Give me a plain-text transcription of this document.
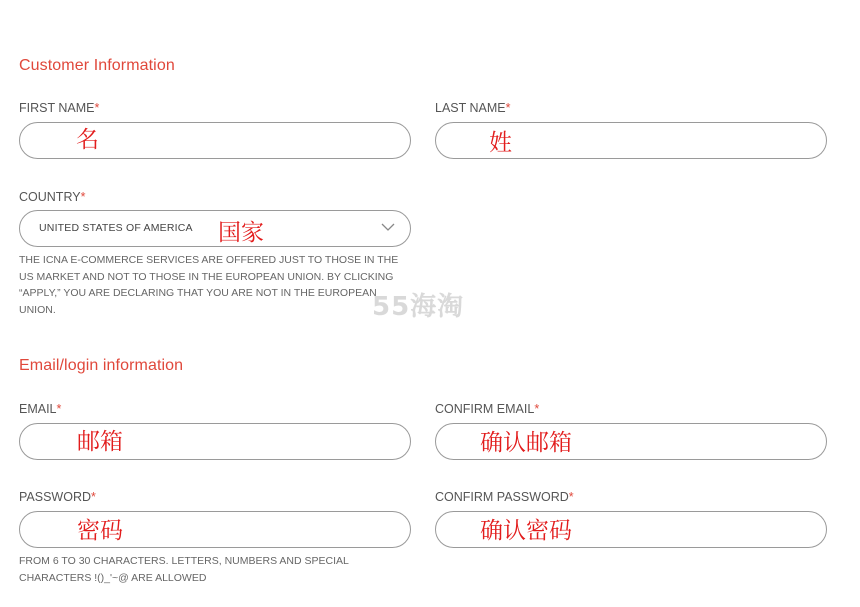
Customer Information
FIRST NAME*
名
LAST NAME*
姓
COUNTRY*
UNITED STATES OF AMERICA 国家
THE ICNA E-COMMERCE SERVICES ARE OFFERED JUST TO THOSE IN THE US MARKET AND NOT TO THOSE IN THE EUROPEAN UNION. BY CLICKING “APPLY,” YOU ARE DECLARING THAT YOU ARE NOT IN THE EUROPEAN UNION.	55海淘
Email/login information
EMAIL*
邮箱
CONFIRM EMAIL*
确认邮箱
PASSWORD*
密码
CONFIRM PASSWORD*
确认密码
FROM 6 TO 30 CHARACTERS. LETTERS, NUMBERS AND SPECIAL CHARACTERS !()_'~@ ARE ALLOWED
